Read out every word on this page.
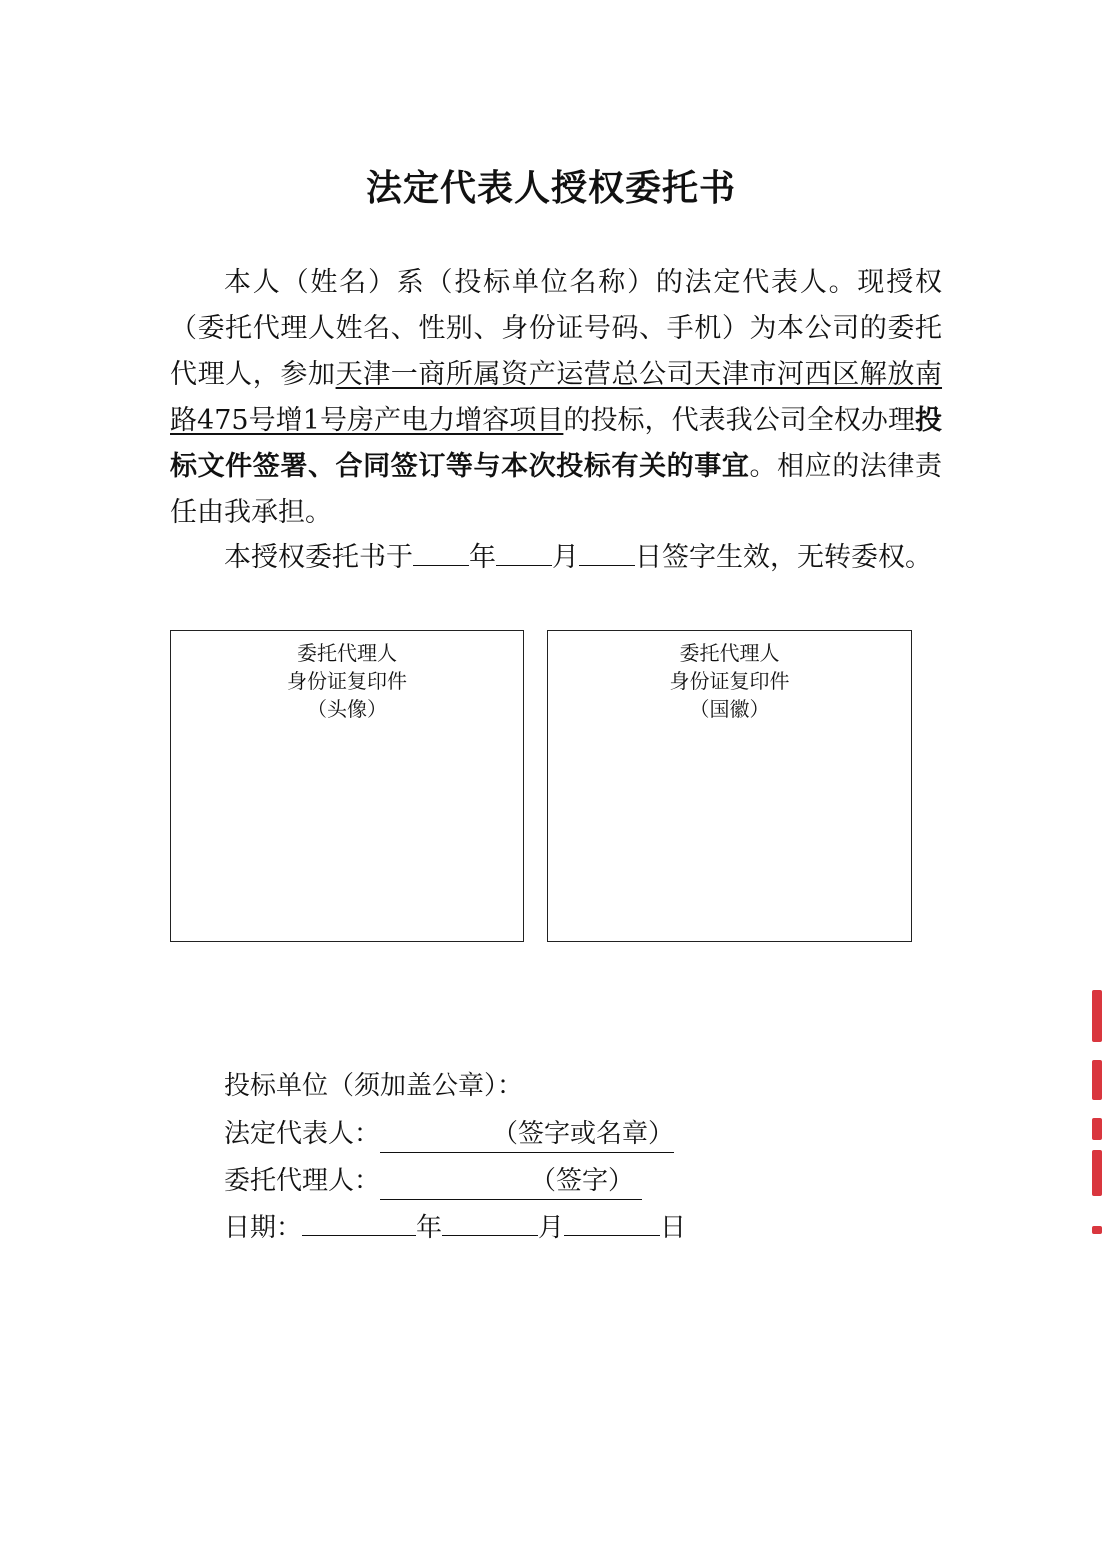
法定代表人授权委托书
本人（姓名）系（投标单位名称）的法定代表人。现授权（委托代理人姓名、性别、身份证号码、手机）为本公司的委托代理人，参加天津一商所属资产运营总公司天津市河西区解放南路475号增1号房产电力增容项目的投标，代表我公司全权办理投标文件签署、合同签订等与本次投标有关的事宜。相应的法律责任由我承担。
本授权委托书于 年 月 日签字生效，无转委权。
委托代理人
身份证复印件
（头像）
委托代理人
身份证复印件
（国徽）
投标单位（须加盖公章）：
法定代表人：	（签字或名章）
委托代理人：	（签字）
日期：	年	月	日
